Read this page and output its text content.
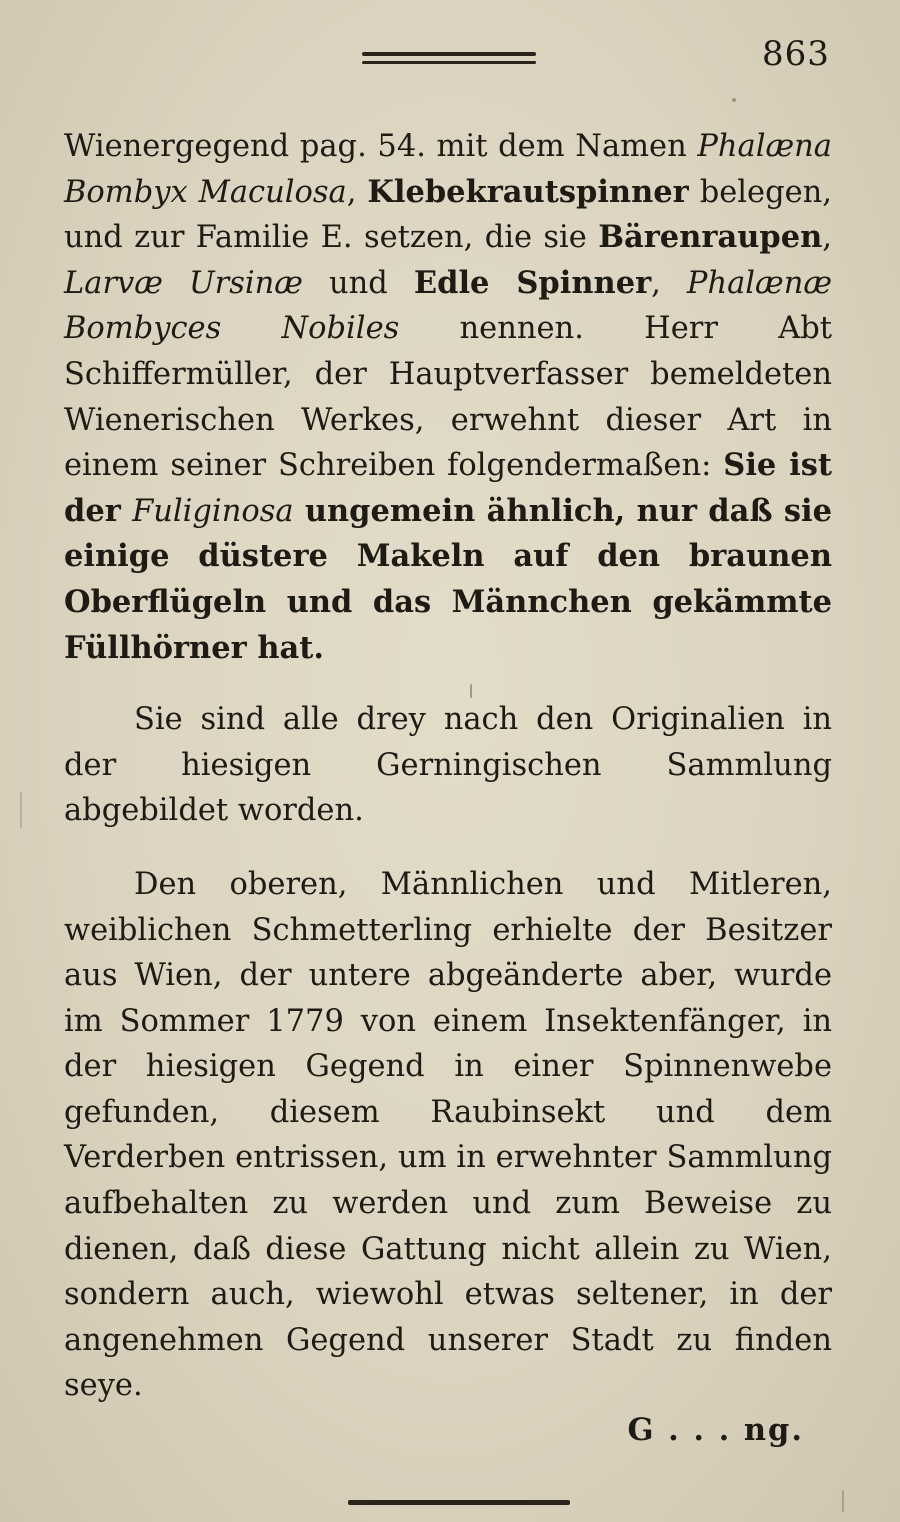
863

Wienergegend pag. 54. mit dem Namen Phalæna Bombyx Maculosa, Klebekrautspinner belegen, und zur Familie E. setzen, die sie Bärenraupen, Larvæ Ursinæ und Edle Spinner, Phalænæ Bombyces Nobiles nennen. Herr Abt Schiffermüller, der Hauptverfasser bemeldeten Wienerischen Werkes, erwehnt dieser Art in einem seiner Schreiben folgendermaßen: Sie ist der Fuliginosa ungemein ähnlich, nur daß sie einige düstere Makeln auf den braunen Oberflügeln und das Männchen gekämmte Füllhörner hat.

Sie sind alle drey nach den Originalien in der hiesigen Gerningischen Sammlung abgebildet worden.

Den oberen, Männlichen und Mitleren, weiblichen Schmetterling erhielte der Besitzer aus Wien, der untere abgeänderte aber, wurde im Sommer 1779 von einem Insektenfänger, in der hiesigen Gegend in einer Spinnenwebe gefunden, diesem Raubinsekt und dem Verderben entrissen, um in erwehnter Sammlung aufbehalten zu werden und zum Beweise zu dienen, daß diese Gattung nicht allein zu Wien, sondern auch, wiewohl etwas seltener, in der angenehmen Gegend unserer Stadt zu finden seye.

G . . . ng.
